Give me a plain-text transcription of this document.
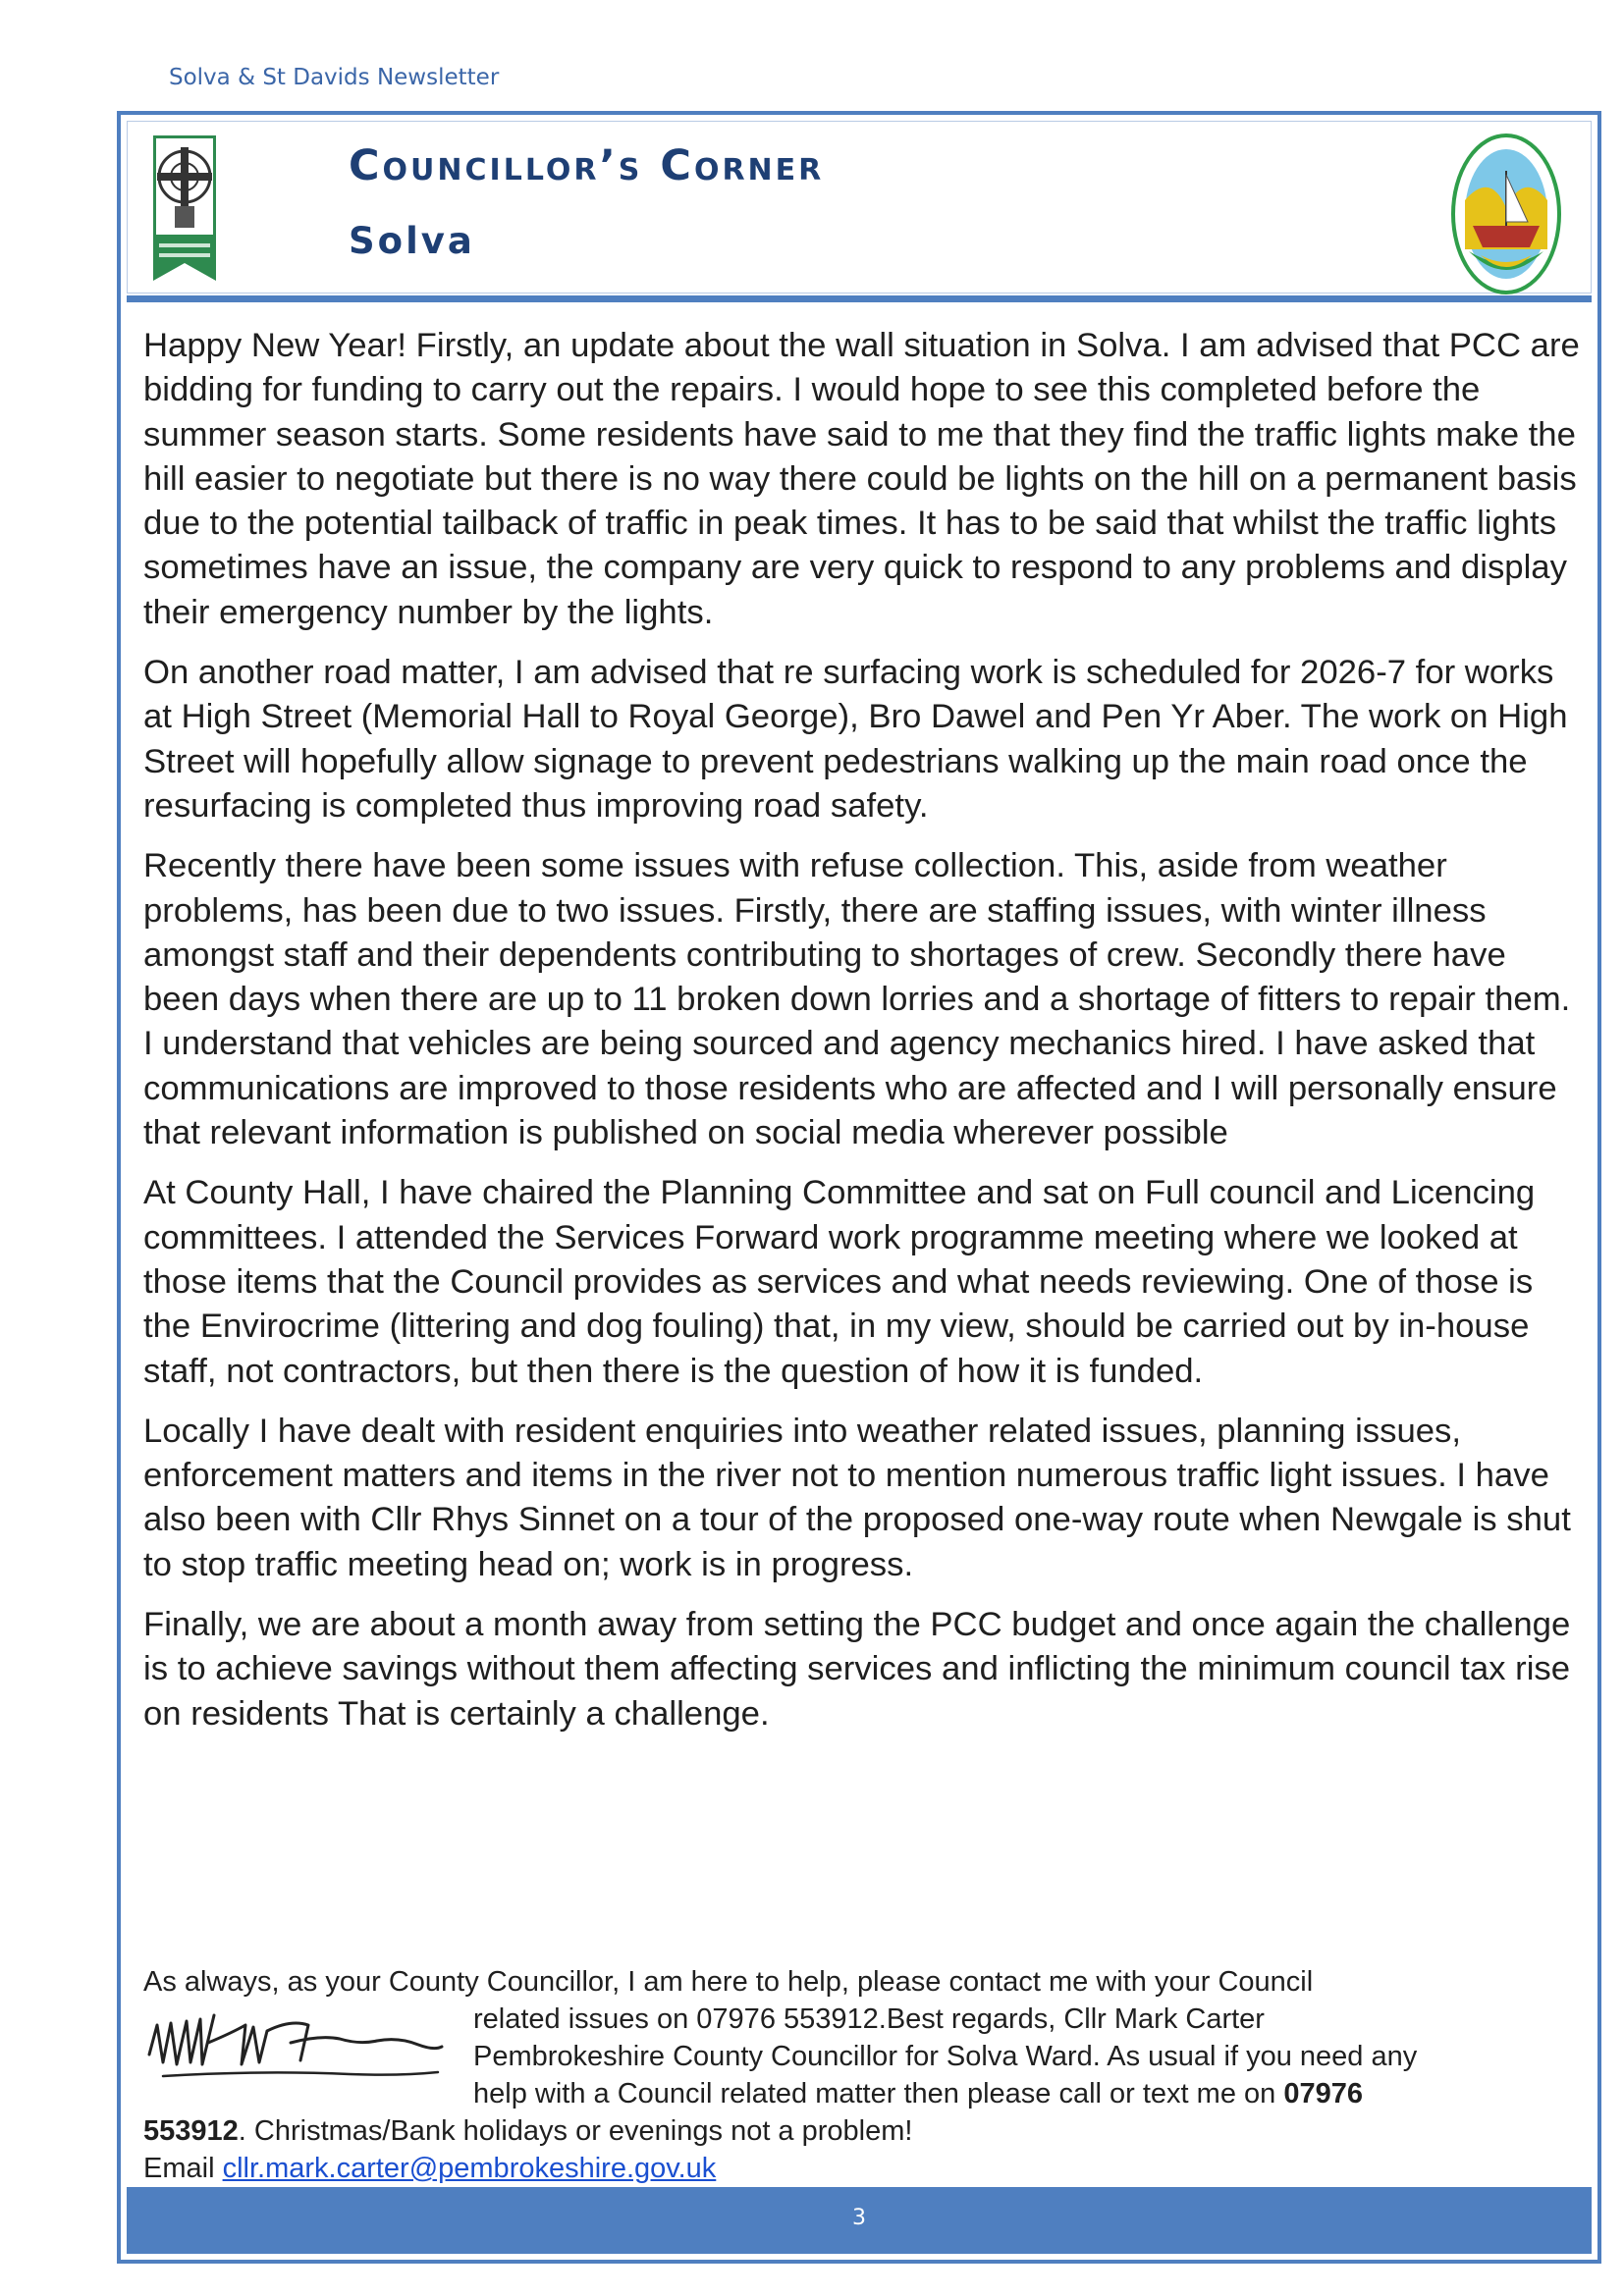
Solva & St Davids Newsletter
Councillor’s Corner
Solva

Happy New Year! Firstly, an update about the wall situation in Solva. I am advised that PCC are bidding for funding to carry out the repairs. I would hope to see this completed before the summer season starts. Some residents have said to me that they find the traffic lights make the hill easier to negotiate but there is no way there could be lights on the hill on a permanent basis due to the potential tailback of traffic in peak times. It has to be said that whilst the traffic lights sometimes have an issue, the company are very quick to respond to any problems and display their emergency number by the lights.

On another road matter, I am advised that re surfacing work is scheduled for 2026-7 for works at High Street (Memorial Hall to Royal George), Bro Dawel and Pen Yr Aber. The work on High Street will hopefully allow signage to prevent pedestrians walking up the main road once the resurfacing is completed thus improving road safety.

Recently there have been some issues with refuse collection. This, aside from weather problems, has been due to two issues. Firstly, there are staffing issues, with winter illness amongst staff and their dependents contributing to shortages of crew. Secondly there have been days when there are up to 11 broken down lorries and a shortage of fitters to repair them. I understand that vehicles are being sourced and agency mechanics hired. I have asked that communications are improved to those residents who are affected and I will personally ensure that relevant information is published on social media wherever possible

At County Hall, I have chaired the Planning Committee and sat on Full council and Licencing committees. I attended the Services Forward work programme meeting where we looked at those items that the Council provides as services and what needs reviewing. One of those is the Envirocrime (littering and dog fouling) that, in my view, should be carried out by in-house staff, not contractors, but then there is the question of how it is funded.

Locally I have dealt with resident enquiries into weather related issues, planning issues, enforcement matters and items in the river not to mention numerous traffic light issues. I have also been with Cllr Rhys Sinnet on a tour of the proposed one-way route when Newgale is shut to stop traffic meeting head on; work is in progress.

Finally, we are about a month away from setting the PCC budget and once again the challenge is to achieve savings without them affecting services and inflicting the minimum council tax rise on residents That is certainly a challenge.

As always, as your County Councillor, I am here to help, please contact me with your Council
related issues on 07976 553912.Best regards, Cllr Mark Carter
Pembrokeshire County Councillor for Solva Ward. As usual if you need any
help with a Council related matter then please call or text me on 07976
553912. Christmas/Bank holidays or evenings not a problem!
Email cllr.mark.carter@pembrokeshire.gov.uk
3
